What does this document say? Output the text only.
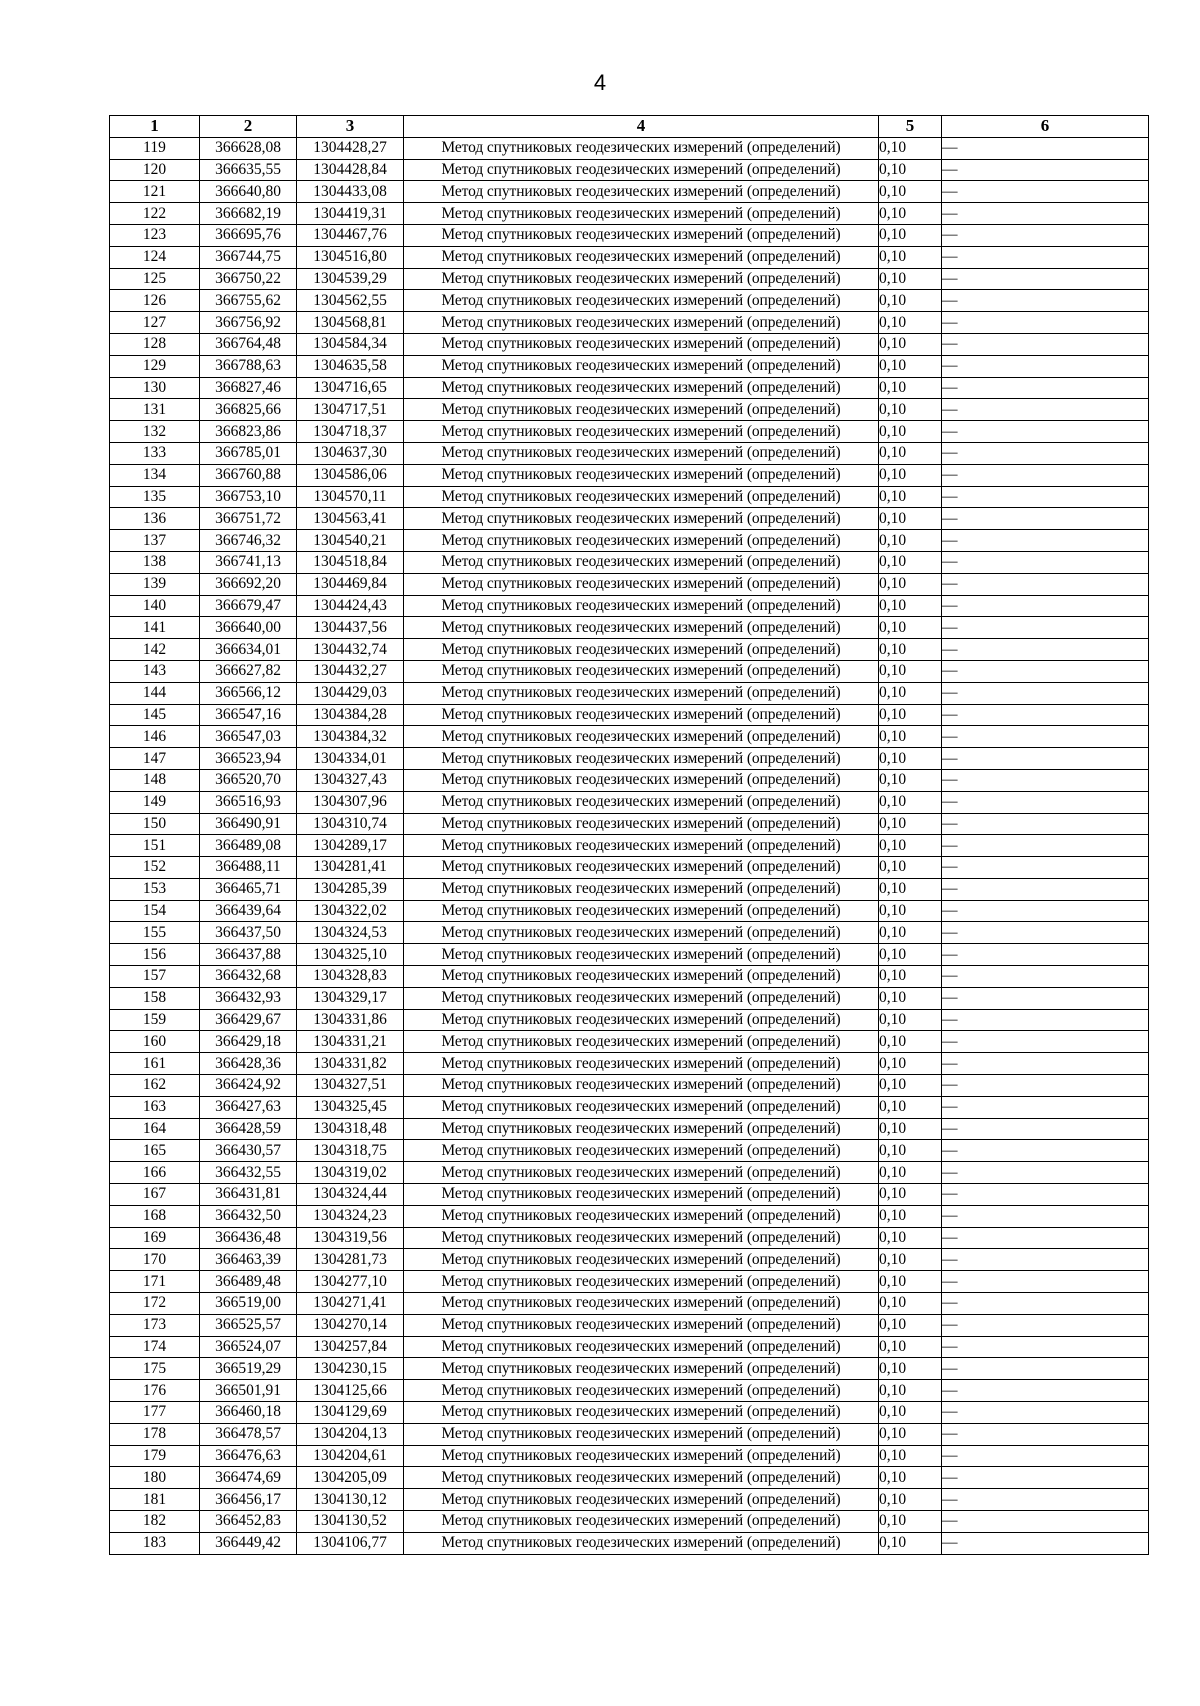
4
1	2	3	4	5	6
119	366628,08	1304428,27	Метод спутниковых геодезических измерений (определений)	0,10	—
120	366635,55	1304428,84	Метод спутниковых геодезических измерений (определений)	0,10	—
121	366640,80	1304433,08	Метод спутниковых геодезических измерений (определений)	0,10	—
122	366682,19	1304419,31	Метод спутниковых геодезических измерений (определений)	0,10	—
123	366695,76	1304467,76	Метод спутниковых геодезических измерений (определений)	0,10	—
124	366744,75	1304516,80	Метод спутниковых геодезических измерений (определений)	0,10	—
125	366750,22	1304539,29	Метод спутниковых геодезических измерений (определений)	0,10	—
126	366755,62	1304562,55	Метод спутниковых геодезических измерений (определений)	0,10	—
127	366756,92	1304568,81	Метод спутниковых геодезических измерений (определений)	0,10	—
128	366764,48	1304584,34	Метод спутниковых геодезических измерений (определений)	0,10	—
129	366788,63	1304635,58	Метод спутниковых геодезических измерений (определений)	0,10	—
130	366827,46	1304716,65	Метод спутниковых геодезических измерений (определений)	0,10	—
131	366825,66	1304717,51	Метод спутниковых геодезических измерений (определений)	0,10	—
132	366823,86	1304718,37	Метод спутниковых геодезических измерений (определений)	0,10	—
133	366785,01	1304637,30	Метод спутниковых геодезических измерений (определений)	0,10	—
134	366760,88	1304586,06	Метод спутниковых геодезических измерений (определений)	0,10	—
135	366753,10	1304570,11	Метод спутниковых геодезических измерений (определений)	0,10	—
136	366751,72	1304563,41	Метод спутниковых геодезических измерений (определений)	0,10	—
137	366746,32	1304540,21	Метод спутниковых геодезических измерений (определений)	0,10	—
138	366741,13	1304518,84	Метод спутниковых геодезических измерений (определений)	0,10	—
139	366692,20	1304469,84	Метод спутниковых геодезических измерений (определений)	0,10	—
140	366679,47	1304424,43	Метод спутниковых геодезических измерений (определений)	0,10	—
141	366640,00	1304437,56	Метод спутниковых геодезических измерений (определений)	0,10	—
142	366634,01	1304432,74	Метод спутниковых геодезических измерений (определений)	0,10	—
143	366627,82	1304432,27	Метод спутниковых геодезических измерений (определений)	0,10	—
144	366566,12	1304429,03	Метод спутниковых геодезических измерений (определений)	0,10	—
145	366547,16	1304384,28	Метод спутниковых геодезических измерений (определений)	0,10	—
146	366547,03	1304384,32	Метод спутниковых геодезических измерений (определений)	0,10	—
147	366523,94	1304334,01	Метод спутниковых геодезических измерений (определений)	0,10	—
148	366520,70	1304327,43	Метод спутниковых геодезических измерений (определений)	0,10	—
149	366516,93	1304307,96	Метод спутниковых геодезических измерений (определений)	0,10	—
150	366490,91	1304310,74	Метод спутниковых геодезических измерений (определений)	0,10	—
151	366489,08	1304289,17	Метод спутниковых геодезических измерений (определений)	0,10	—
152	366488,11	1304281,41	Метод спутниковых геодезических измерений (определений)	0,10	—
153	366465,71	1304285,39	Метод спутниковых геодезических измерений (определений)	0,10	—
154	366439,64	1304322,02	Метод спутниковых геодезических измерений (определений)	0,10	—
155	366437,50	1304324,53	Метод спутниковых геодезических измерений (определений)	0,10	—
156	366437,88	1304325,10	Метод спутниковых геодезических измерений (определений)	0,10	—
157	366432,68	1304328,83	Метод спутниковых геодезических измерений (определений)	0,10	—
158	366432,93	1304329,17	Метод спутниковых геодезических измерений (определений)	0,10	—
159	366429,67	1304331,86	Метод спутниковых геодезических измерений (определений)	0,10	—
160	366429,18	1304331,21	Метод спутниковых геодезических измерений (определений)	0,10	—
161	366428,36	1304331,82	Метод спутниковых геодезических измерений (определений)	0,10	—
162	366424,92	1304327,51	Метод спутниковых геодезических измерений (определений)	0,10	—
163	366427,63	1304325,45	Метод спутниковых геодезических измерений (определений)	0,10	—
164	366428,59	1304318,48	Метод спутниковых геодезических измерений (определений)	0,10	—
165	366430,57	1304318,75	Метод спутниковых геодезических измерений (определений)	0,10	—
166	366432,55	1304319,02	Метод спутниковых геодезических измерений (определений)	0,10	—
167	366431,81	1304324,44	Метод спутниковых геодезических измерений (определений)	0,10	—
168	366432,50	1304324,23	Метод спутниковых геодезических измерений (определений)	0,10	—
169	366436,48	1304319,56	Метод спутниковых геодезических измерений (определений)	0,10	—
170	366463,39	1304281,73	Метод спутниковых геодезических измерений (определений)	0,10	—
171	366489,48	1304277,10	Метод спутниковых геодезических измерений (определений)	0,10	—
172	366519,00	1304271,41	Метод спутниковых геодезических измерений (определений)	0,10	—
173	366525,57	1304270,14	Метод спутниковых геодезических измерений (определений)	0,10	—
174	366524,07	1304257,84	Метод спутниковых геодезических измерений (определений)	0,10	—
175	366519,29	1304230,15	Метод спутниковых геодезических измерений (определений)	0,10	—
176	366501,91	1304125,66	Метод спутниковых геодезических измерений (определений)	0,10	—
177	366460,18	1304129,69	Метод спутниковых геодезических измерений (определений)	0,10	—
178	366478,57	1304204,13	Метод спутниковых геодезических измерений (определений)	0,10	—
179	366476,63	1304204,61	Метод спутниковых геодезических измерений (определений)	0,10	—
180	366474,69	1304205,09	Метод спутниковых геодезических измерений (определений)	0,10	—
181	366456,17	1304130,12	Метод спутниковых геодезических измерений (определений)	0,10	—
182	366452,83	1304130,52	Метод спутниковых геодезических измерений (определений)	0,10	—
183	366449,42	1304106,77	Метод спутниковых геодезических измерений (определений)	0,10	—
